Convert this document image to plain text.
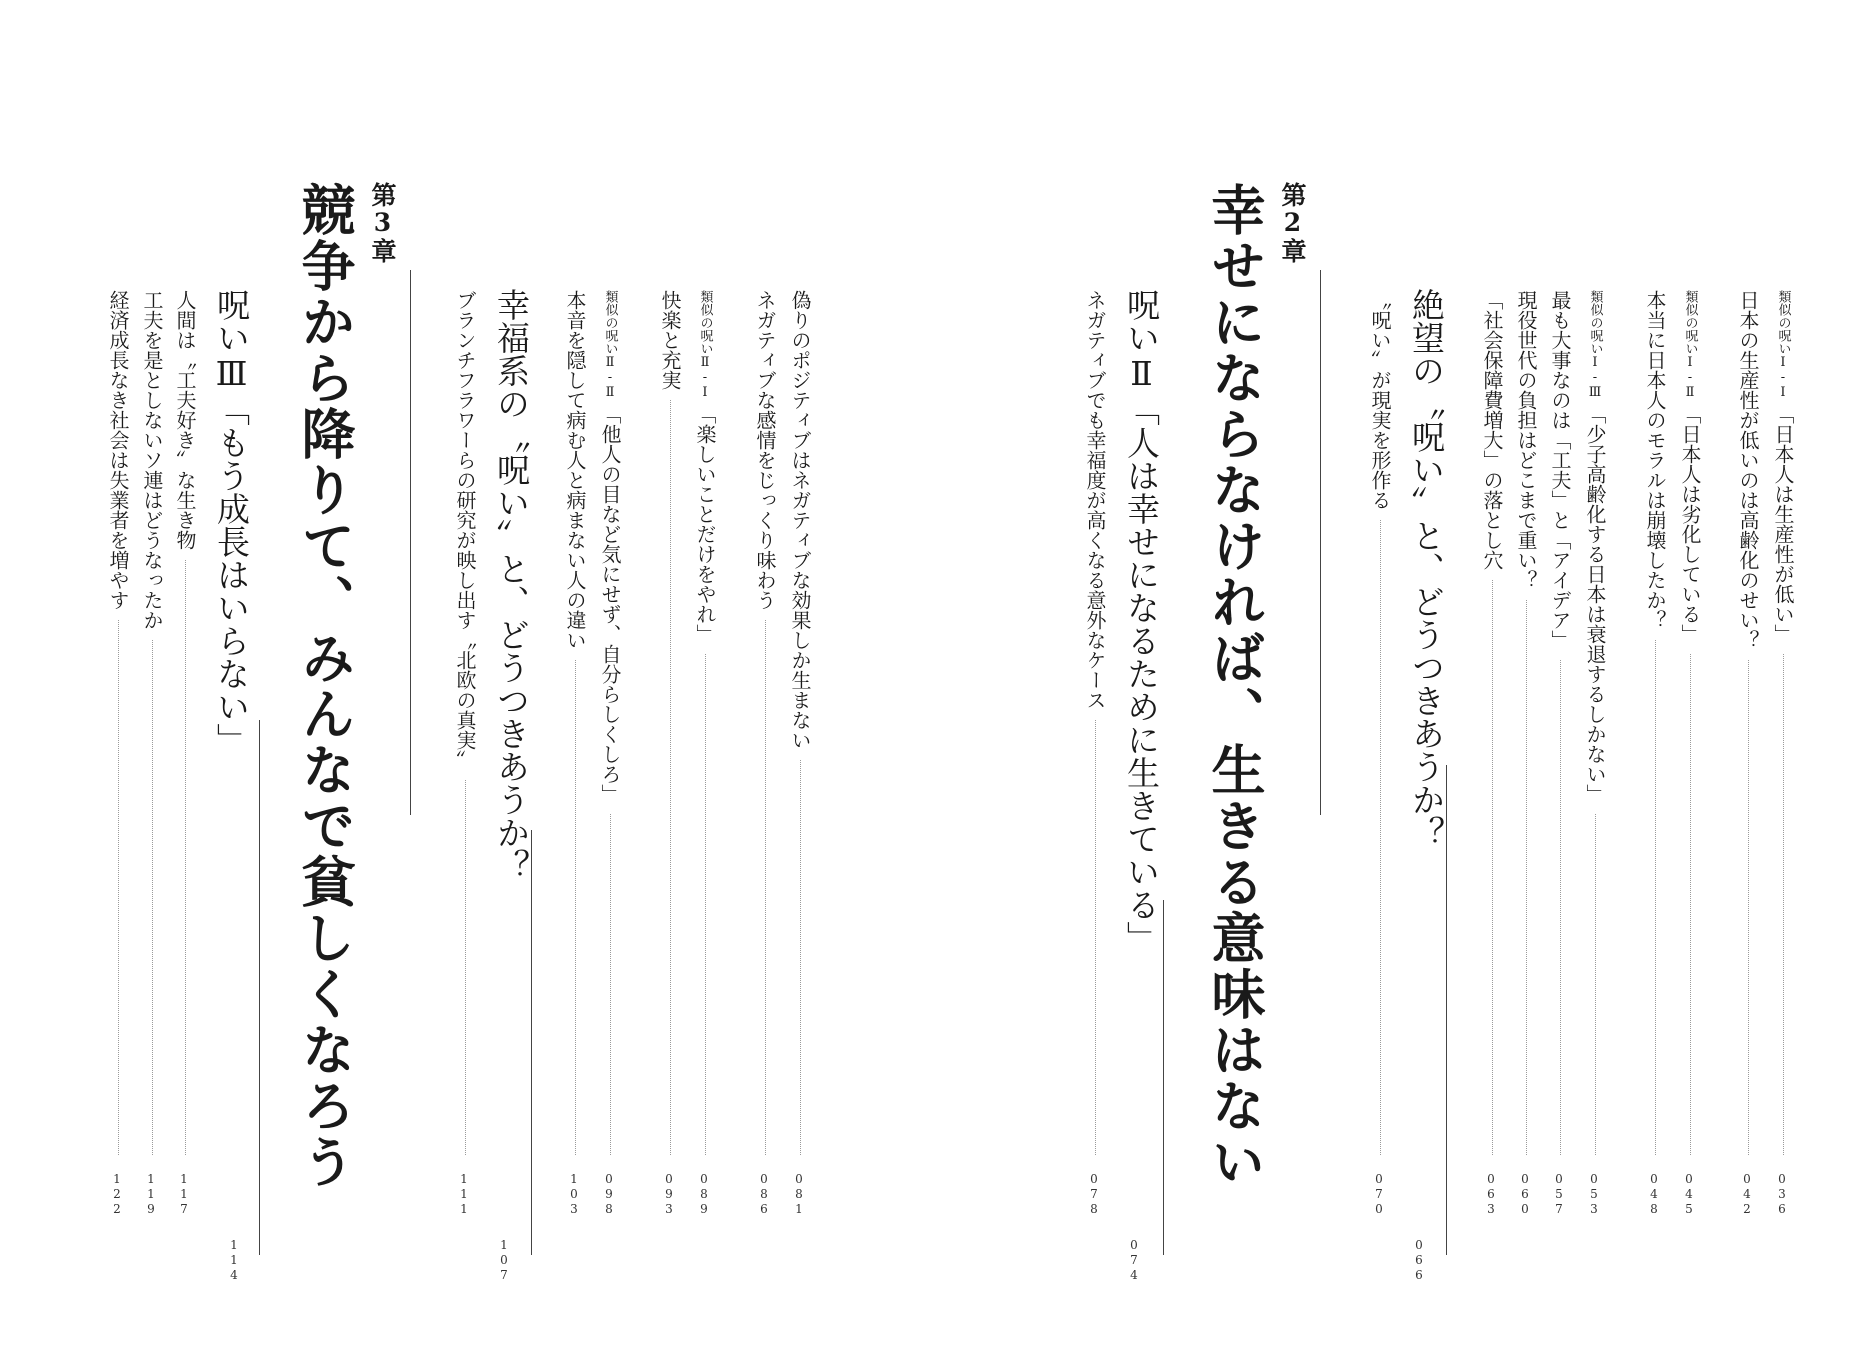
類似の呪いⅠ-Ⅰ
「日本人は生産性が低い」
036
日本の生産性が低いのは高齢化のせい？
042
類似の呪いⅠ-Ⅱ
「日本人は劣化している」
045
本当に日本人のモラルは崩壊したか？
048
類似の呪いⅠ-Ⅲ
「少子高齢化する日本は衰退するしかない」
053
最も大事なのは「工夫」と「アイデア」
057
現役世代の負担はどこまで重い？
060
「社会保障費増大」の落とし穴
063
絶望の〝呪い〟と、どうつきあうか？
066
〝呪い〟が現実を形作る
070
第2章
幸せにならなければ、生きる意味はない
呪いⅡ「人は幸せになるために生きている」
074
ネガティブでも幸福度が高くなる意外なケース
078
偽りのポジティブはネガティブな効果しか生まない
081
ネガティブな感情をじっくり味わう
086
類似の呪いⅡ-Ⅰ
「楽しいことだけをやれ」
089
快楽と充実
093
類似の呪いⅡ-Ⅱ
「他人の目など気にせず、自分らしくしろ」
098
本音を隠して病む人と病まない人の違い
103
幸福系の〝呪い〟と、どうつきあうか？
107
ブランチフラワーらの研究が映し出す〝北欧の真実〟
111
第3章
競争から降りて、みんなで貧しくなろう
呪いⅢ「もう成長はいらない」
114
人間は〝工夫好き〟な生き物
117
工夫を是としないソ連はどうなったか
119
経済成長なき社会は失業者を増やす
122
